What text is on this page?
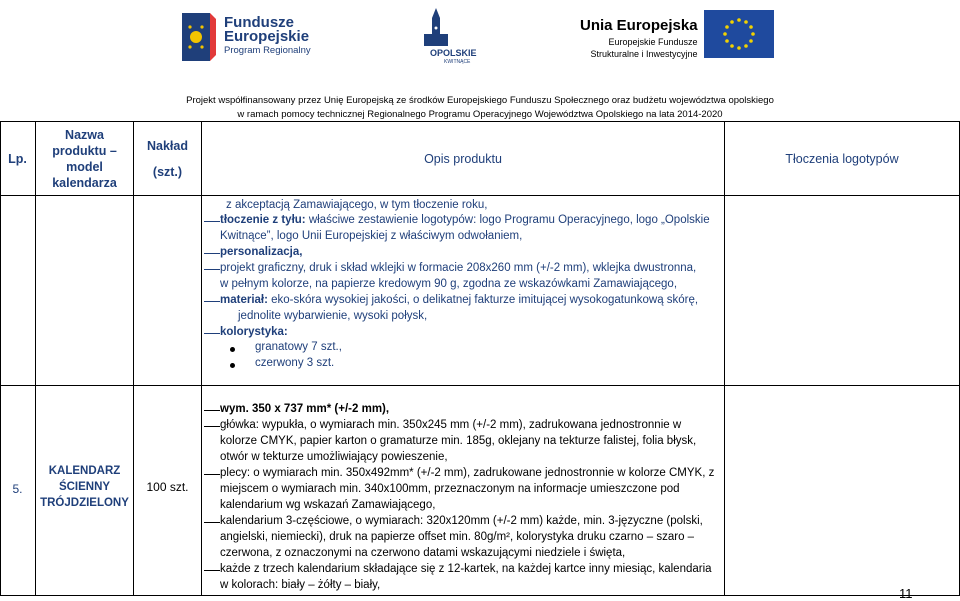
Fundusze
Europejskie
Program Regionalny	OPOLSKIE
KWITNĄCE
Unia Europejska
Europejskie Fundusze
Strukturalne i Inwestycyjne
Projekt współfinansowany przez Unię Europejską ze środków Europejskiego Funduszu Społecznego oraz budżetu województwa opolskiego
w ramach pomocy technicznej Regionalnego Programu Operacyjnego Województwa Opolskiego na lata 2014-2020
Lp.
Nazwa
produktu –
model
kalendarza
Nakład
(szt.)
Opis produktu	Tłoczenia logotypów
z akceptacją Zamawiającego, w tym tłoczenie roku,
tłoczenie z tyłu: właściwe zestawienie logotypów: logo Programu Operacyjnego, logo „Opolskie
Kwitnące”, logo Unii Europejskiej z właściwym odwołaniem,
personalizacja,
projekt graficzny, druk i skład wklejki w formacie 208x260 mm (+/-2 mm), wklejka dwustronna,
w pełnym kolorze, na papierze kredowym 90 g, zgodna ze wskazówkami Zamawiającego,
materiał: eko-skóra wysokiej jakości, o delikatnej fakturze imitującej wysokogatunkową skórę,
jednolite wybarwienie, wysoki połysk,
kolorystyka:
granatowy 7 szt.,
czerwony 3 szt.
5.
KALENDARZ
ŚCIENNY
TRÓJDZIELONY
100 szt.
wym. 350 x 737 mm* (+/-2 mm),
główka: wypukła, o wymiarach min. 350x245 mm (+/-2 mm), zadrukowana jednostronnie w
kolorze CMYK, papier karton o gramaturze min. 185g, oklejany na tekturze falistej, folia błysk,
otwór w tekturze umożliwiający powieszenie,
plecy: o wymiarach min. 350x492mm* (+/-2 mm), zadrukowane jednostronnie w kolorze CMYK, z
miejscem o wymiarach min. 340x100mm, przeznaczonym na informacje umieszczone pod
kalendarium wg wskazań Zamawiającego,
kalendarium 3-częściowe, o wymiarach: 320x120mm (+/-2 mm) każde, min. 3-języczne (polski,
angielski, niemiecki), druk na papierze offset min. 80g/m², kolorystyka druku czarno – szaro –
czerwona, z oznaczonymi na czerwono datami wskazującymi niedziele i święta,
każde z trzech kalendarium składające się z 12-kartek, na każdej kartce inny miesiąc, kalendaria
w kolorach: biały – żółty – biały,
11
